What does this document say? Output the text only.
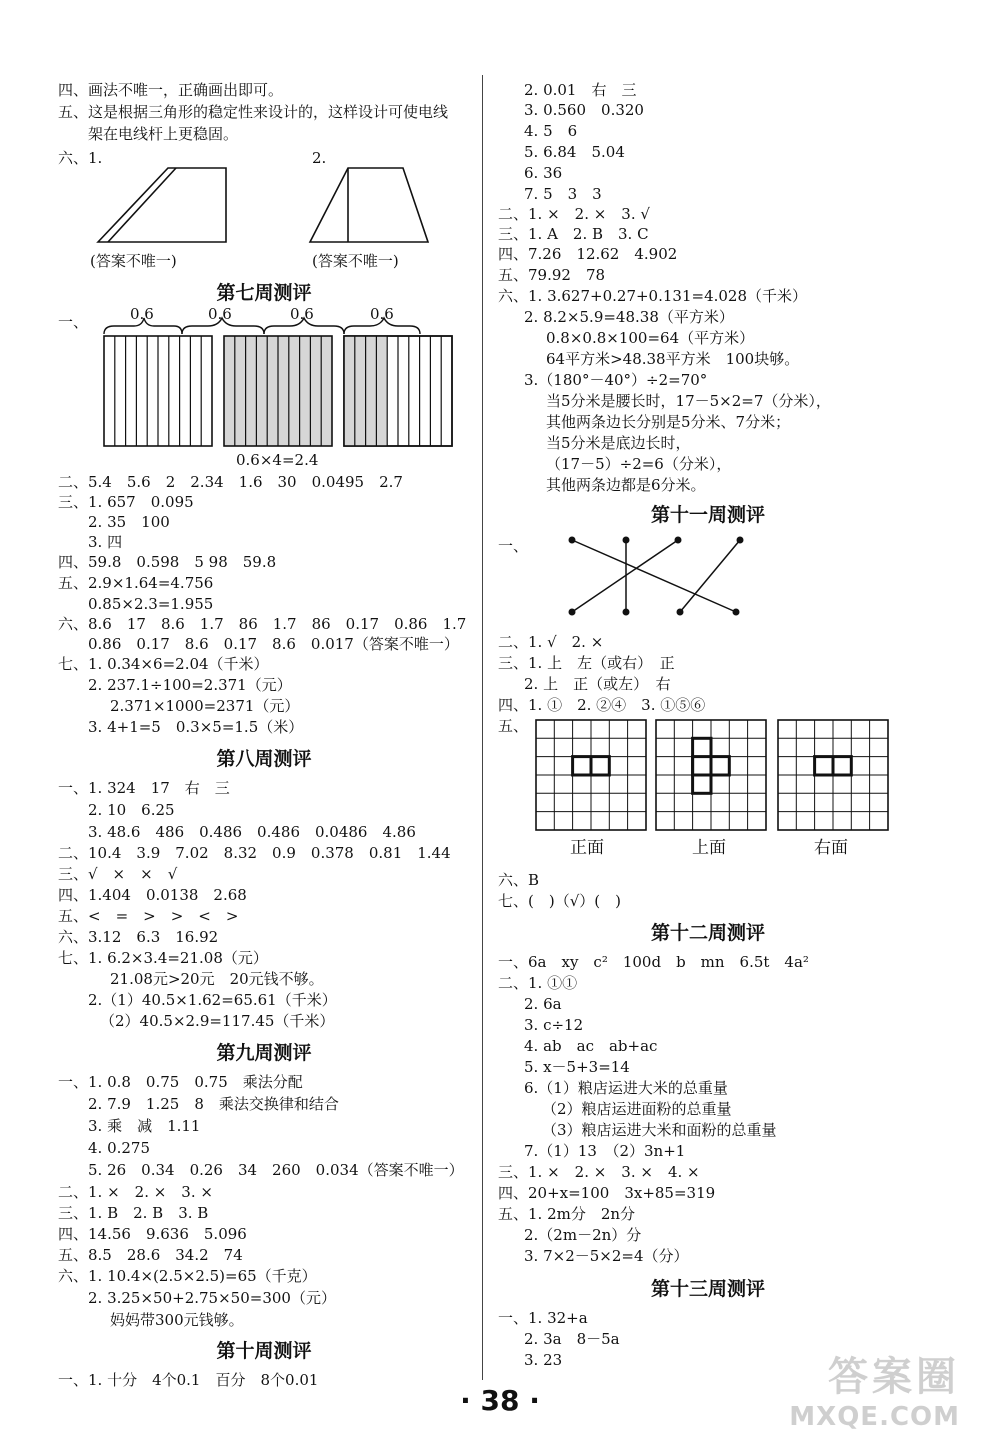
四、画法不唯一，正确画出即可。
五、这是根据三角形的稳定性来设计的，这样设计可使电线
架在电线杆上更稳固。
六、1.	2.
(答案不唯一)	(答案不唯一)
第七周测评
一、	0.6	0.6	0.6	0.6
0.6×4=2.4
二、5.4　5.6　2　2.34　1.6　30　0.0495　2.7
三、1. 657　0.095
2. 35　100
3. 四
四、59.8　0.598　5 98　59.8
五、2.9×1.64=4.756
0.85×2.3=1.955
六、8.6　17　8.6　1.7　86　1.7　86　0.17　0.86　1.7
0.86　0.17　8.6　0.17　8.6　0.017（答案不唯一）
七、1. 0.34×6=2.04（千米）
2. 237.1÷100=2.371（元）
2.371×1000=2371（元）
3. 4+1=5　0.3×5=1.5（米）
第八周测评
一、1. 324　17　右　三
2. 10　6.25
3. 48.6　486　0.486　0.486　0.0486　4.86
二、10.4　3.9　7.02　8.32　0.9　0.378　0.81　1.44
三、√　×　×　√
四、1.404　0.0138　2.68
五、<　=　>　>　<　>
六、3.12　6.3　16.92
七、1. 6.2×3.4=21.08（元）
21.08元>20元　20元钱不够。
2.（1）40.5×1.62=65.61（千米）
（2）40.5×2.9=117.45（千米）
第九周测评
一、1. 0.8　0.75　0.75　乘法分配
2. 7.9　1.25　8　乘法交换律和结合
3. 乘　减　1.11
4. 0.275
5. 26　0.34　0.26　34　260　0.034（答案不唯一）
二、1. ×　2. ×　3. ×
三、1. B　2. B　3. B
四、14.56　9.636　5.096
五、8.5　28.6　34.2　74
六、1. 10.4×(2.5×2.5)=65（千克）
2. 3.25×50+2.75×50=300（元）
妈妈带300元钱够。
第十周测评
一、1. 十分　4个0.1　百分　8个0.01
2. 0.01　右　三
3. 0.560　0.320
4. 5　6
5. 6.84　5.04
6. 36
7. 5　3　3
二、1. ×　2. ×　3. √
三、1. A　2. B　3. C
四、7.26　12.62　4.902
五、79.92　78
六、1. 3.627+0.27+0.131=4.028（千米）
2. 8.2×5.9=48.38（平方米）
0.8×0.8×100=64（平方米）
64平方米>48.38平方米　100块够。
3.（180°－40°）÷2=70°
当5分米是腰长时，17－5×2=7（分米），
其他两条边长分别是5分米、7分米；
当5分米是底边长时，
（17－5）÷2=6（分米），
其他两条边都是6分米。
第十一周测评
一、
二、1. √　2. ×
三、1. 上　左（或右）　正
2. 上　正（或左）　右
四、1. ①　2. ②④　3. ①⑤⑥
五、
正面	上面	右面
六、B
七、(　)（√）(　)
第十二周测评
一、6a　xy　c²　100d　b　mn　6.5t　4a²
二、1. ①①
2. 6a
3. c÷12
4. ab　ac　ab+ac
5. x－5+3=14
6.（1）粮店运进大米的总重量
（2）粮店运进面粉的总重量
（3）粮店运进大米和面粉的总重量
7.（1）13　（2）3n+1
三、1. ×　2. ×　3. ×　4. ×
四、20+x=100　3x+85=319
五、1. 2m分　2n分
2.（2m－2n）分
3. 7×2－5×2=4（分）
第十三周测评
一、1. 32+a
2. 3a　8－5a
3. 23
· 38 ·
答案圈
MXQE.COM
